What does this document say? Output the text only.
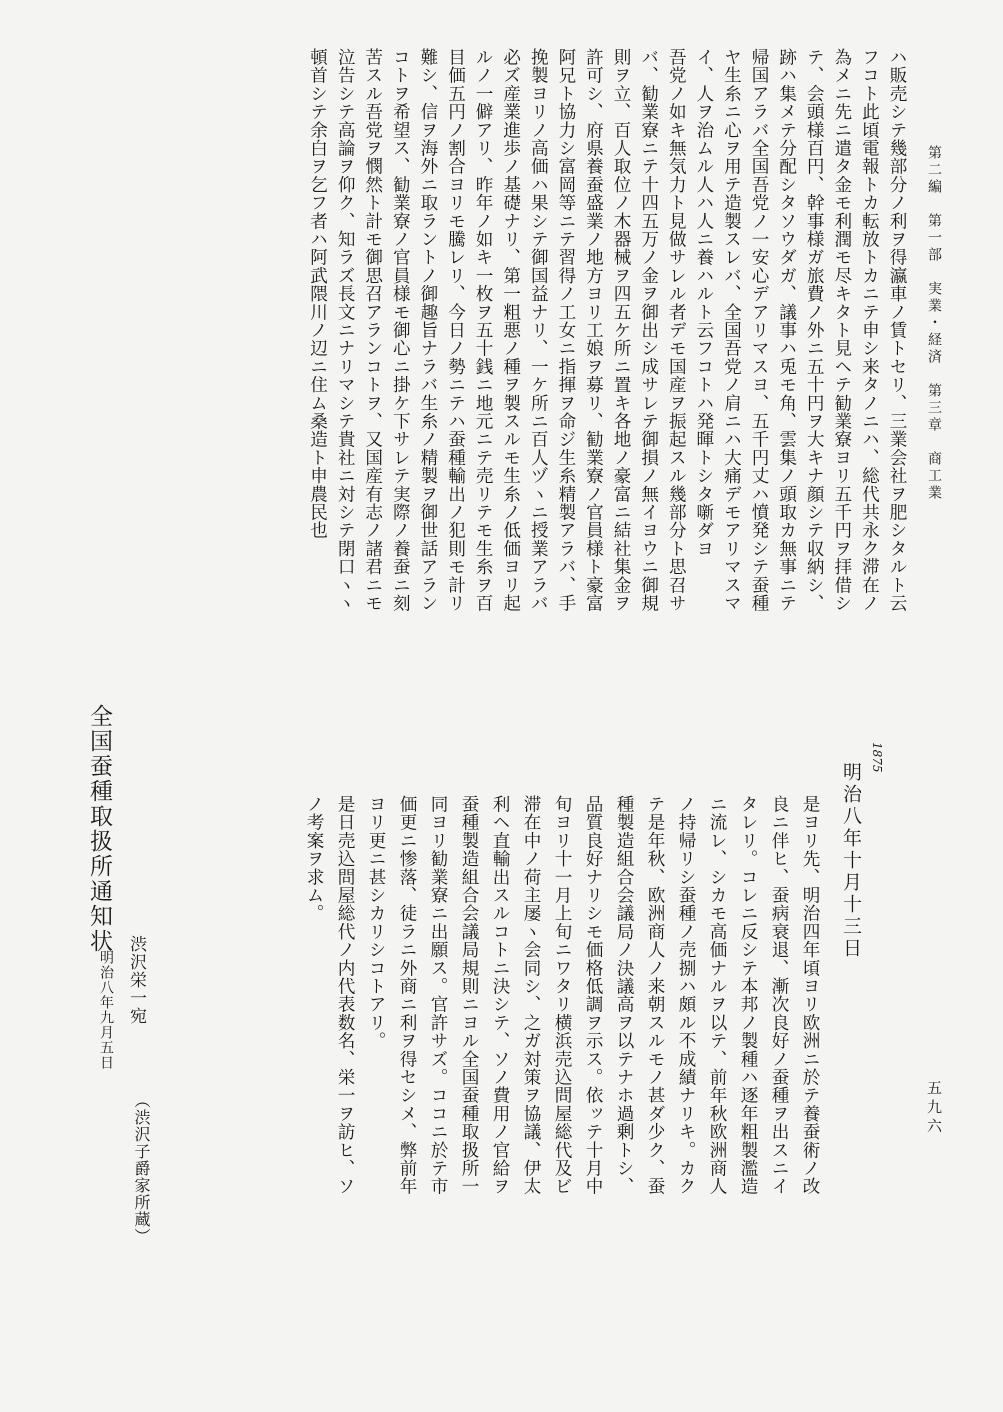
第二編　第一部　実業・経済　第三章　商工業
五九六

ハ販売シテ幾部分ノ利ヲ得瀛車ノ賃トセリ、三業会社ヲ肥シタルト云

フコト此頃電報トカ転放トカニテ申シ来タノニハ、総代共永ク滞在ノ

為メニ先ニ遣タ金モ利潤モ尽キタト見ヘテ勧業寮ヨリ五千円ヲ拝借シ

テ、会頭様百円、幹事様ガ旅費ノ外ニ五十円ヲ大キナ顔シテ収納シ、

跡ハ集メテ分配シタソウダガ、議事ハ兎モ角、雲集ノ頭取カ無事ニテ

帰国アラバ全国吾党ノ一安心デアリマスヨ、五千円丈ハ憤発シテ蚕種

ヤ生糸ニ心ヲ用テ造製スレバ、全国吾党ノ肩ニハ大痛デモアリマスマ

イ、人ヲ治ムル人ハ人ニ養ハルト云フコトハ発暉トシタ噺ダヨ

吾党ノ如キ無気力ト見做サレル者デモ国産ヲ振起スル幾部分ト思召サ

バ、勧業寮ニテ十四五万ノ金ヲ御出シ成サレテ御損ノ無イヨウニ御規

則ヲ立、百人取位ノ木器械ヲ四五ケ所ニ置キ各地ノ豪富ニ結社集金ヲ

許可シ、府県養蚕盛業ノ地方ヨリ工娘ヲ募リ、勧業寮ノ官員様ト豪富

阿兄ト協力シ富岡等ニテ習得ノ工女ニ指揮ヲ命ジ生糸精製アラバ、手

挽製ヨリノ高価ハ果シテ御国益ナリ、一ケ所ニ百人ヅヽニ授業アラバ

必ズ産業進歩ノ基礎ナリ、第一粗悪ノ種ヲ製スルモ生糸ノ低価ヨリ起

ルノ一僻アリ、昨年ノ如キ一枚ヲ五十銭ニ地元ニテ売リテモ生糸ヲ百

目価五円ノ割合ヨリモ騰レリ、今日ノ勢ニテハ蚕種輸出ノ犯則モ計リ

難シ、信ヲ海外ニ取ラントノ御趣旨ナラバ生糸ノ精製ヲ御世話アラン

コトヲ希望ス、勧業寮ノ官員様モ御心ニ掛ケ下サレテ実際ノ養蚕ニ刻

苦スル吾党ヲ憫然ト計モ御思召アランコトヲ、又国産有志ノ諸君ニモ

泣告シテ高論ヲ仰ク、知ラズ長文ニナリマシテ貴社ニ対シテ閉口ヽヽ

頓首シテ余白ヲ乞フ者ハ阿武隈川ノ辺ニ住ム桑造ト申農民也

1875
明治八年十月十三日

是ヨリ先、明治四年頃ヨリ欧洲ニ於テ養蚕術ノ改

良ニ伴ヒ、蚕病衰退、漸次良好ノ蚕種ヲ出スニイ

タレリ。コレニ反シテ本邦ノ製種ハ逐年粗製濫造

ニ流レ、シカモ高価ナルヲ以テ、前年秋欧洲商人

ノ持帰リシ蚕種ノ売捌ハ頗ル不成績ナリキ。カク

テ是年秋、欧洲商人ノ来朝スルモノ甚ダ少ク、蚕

種製造組合会議局ノ決議高ヲ以テナホ過剰トシ、

品質良好ナリシモ価格低調ヲ示ス。依ッテ十月中

旬ヨリ十一月上旬ニワタリ横浜売込問屋総代及ビ

滞在中ノ荷主屡ヽ会同シ、之ガ対策ヲ協議、伊太

利ヘ直輸出スルコトニ決シテ、ソノ費用ノ官給ヲ

蚕種製造組合会議局規則ニヨル全国蚕種取扱所一

同ヨリ勧業寮ニ出願ス。官許サズ。ココニ於テ市

価更ニ惨落、徒ラニ外商ニ利ヲ得セシメ、弊前年

ヨリ更ニ甚シカリシコトアリ。

是日売込問屋総代ノ内代表数名、栄一ヲ訪ヒ、ソ

ノ考案ヲ求ム。

全国蚕種取扱所通知状
渋沢栄一宛
明治八年九月五日
（渋沢子爵家所蔵）
